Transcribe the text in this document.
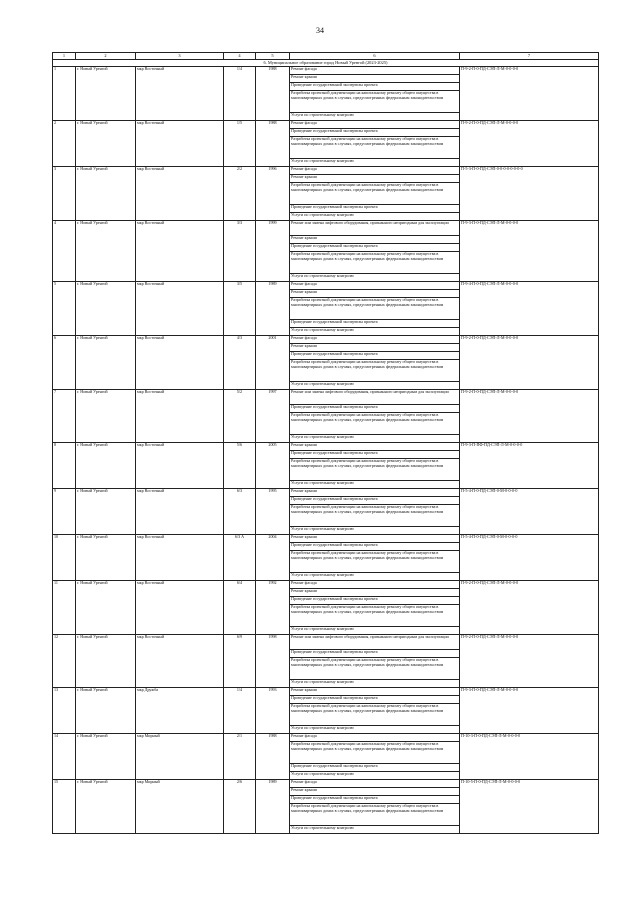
34
1	2	3	4	5	6	7
6. Муниципальное образование город Новый Уренгой (2023-2025)						
1	г. Новый Уренгой	мкр Восточный	1/4	1988	Ремонт фасада	Π-9-2-Π-0-ПД-СЭП-Л-М-0-0-0-0
					Ремонт крыши	
					Проведение государственной экспертизы проекта	
					Разработка проектной документации на капитальному ремонту общего имущества в многоквартирных домах в случаях, предусмотренных федеральным законодательством	
					Услуги по строительному контролю	
2	г. Новый Уренгой	мкр Восточный	1/5	1988	Ремонт фасада	Π-9-2-Π-0-ПД-СЭП-Л-М-0-0-0-0
					Проведение государственной экспертизы проекта	
					Разработка проектной документации на капитальному ремонту общего имущества в многоквартирных домах в случаях, предусмотренных федеральным законодательством	
					Услуги по строительному контролю	
3	г. Новый Уренгой	мкр Восточный	2/2	1996	Ремонт фасада	Π-5-3-Π-0-ПД-СЭП-0-0-0-0-0-0-0-0
					Ремонт крыши	
					Разработка проектной документации на капитальному ремонту общего имущества в многоквартирных домах в случаях, предусмотренных федеральным законодательством	
					Проведение государственной экспертизы проекта	
					Услуги по строительному контролю	
4	г. Новый Уренгой	мкр Восточный	3/3	1999	Ремонт или замена лифтового оборудования, признанного непригодным для эксплуатации	Π-9-3-П-0-ПД-СЭП-Л-М-0-0-0-0
					Ремонт крыши	
					Проведение государственной экспертизы проекта	
					Разработка проектной документации на капитальному ремонту общего имущества в многоквартирных домах в случаях, предусмотренных федеральным законодательством	
					Услуги по строительному контролю	
5	г. Новый Уренгой	мкр Восточный	3/5	1989	Ремонт фасада	Π-9-4-Π-0-ПД-СЭП-Л-М-0-0-0-0
					Ремонт крыши	
					Разработка проектной документации на капитальному ремонту общего имущества в многоквартирных домах в случаях, предусмотренных федеральным законодательством	
					Проведение государственной экспертизы проекта	
					Услуги по строительному контролю	
6	г. Новый Уренгой	мкр Восточный	4/3	2001	Ремонт фасада	Π-9-2-Π-0-ПД-СЭП-Л-М-0-0-0-0
					Ремонт крыши	
					Проведение государственной экспертизы проекта	
					Разработка проектной документации на капитальному ремонту общего имущества в многоквартирных домах в случаях, предусмотренных федеральным законодательством	
					Услуги по строительному контролю	
7	г. Новый Уренгой	мкр Восточный	5/2	1997	Ремонт или замена лифтового оборудования, признанного непригодным для эксплуатации	Π-9-2-Π-0-ПД-СЭП-Л-М-0-0-0-0
					Проведение государственной экспертизы проекта	
					Разработка проектной документации на капитальному ремонту общего имущества в многоквартирных домах в случаях, предусмотренных федеральным законодательством	
					Услуги по строительному контролю	
8	г. Новый Уренгой	мкр Восточный	5/6	2005	Ремонт крыши	Π-9-3-Π-ПФ-ПД-СЭП-Л-М-0-0-0-0
					Проведение государственной экспертизы проекта	
					Разработка проектной документации на капитальному ремонту общего имущества в многоквартирных домах в случаях, предусмотренных федеральным законодательством	
					Услуги по строительному контролю	
9	г. Новый Уренгой	мкр Восточный	6/3	1995	Ремонт крыши	Π-5-4-Π-0-ПД-СЭП-0-М-0-0-0-0
					Проведение государственной экспертизы проекта	
					Разработка проектной документации на капитальному ремонту общего имущества в многоквартирных домах в случаях, предусмотренных федеральным законодательством	
					Услуги по строительному контролю	
10	г. Новый Уренгой	мкр Восточный	6/3 А	2004	Ремонт крыши	Π-5-4-Π-0-ПД-СЭП-0-М-0-0-0-0
					Проведение государственной экспертизы проекта	
					Разработка проектной документации на капитальному ремонту общего имущества в многоквартирных домах в случаях, предусмотренных федеральным законодательством	
					Услуги по строительному контролю	
11	г. Новый Уренгой	мкр Восточный	6/4	1992	Ремонт фасада	Π-9-2-Π-0-ПД-СЭП-Л-М-0-0-0-0
					Ремонт крыши	
					Проведение государственной экспертизы проекта	
					Разработка проектной документации на капитальному ремонту общего имущества в многоквартирных домах в случаях, предусмотренных федеральным законодательством	
					Услуги по строительному контролю	
12	г. Новый Уренгой	мкр Восточный	6/9	1998	Ремонт или замена лифтового оборудования, признанного непригодным для эксплуатации	Π-9-2-Π-0-ПД-СЭП-Л-М-0-0-0-0
					Проведение государственной экспертизы проекта	
					Разработка проектной документации на капитальному ремонту общего имущества в многоквартирных домах в случаях, предусмотренных федеральным законодательством	
					Услуги по строительному контролю	
13	г. Новый Уренгой	мкр Дружба	1/4	1993	Ремонт крыши	Π-9-3-Π-0-ПД-СЭП-Л-М-0-0-0-0
					Проведение государственной экспертизы проекта	
					Разработка проектной документации на капитальному ремонту общего имущества в многоквартирных домах в случаях, предусмотренных федеральным законодательством	
					Услуги по строительному контролю	
14	г. Новый Уренгой	мкр Мирный	2/1	1988	Ремонт фасада	Π-10-3-Π-0-ПД-СЭП-Л-М-0-0-0-0
					Разработка проектной документации на капитальному ремонту общего имущества в многоквартирных домах в случаях, предусмотренных федеральным законодательством	
					Проведение государственной экспертизы проекта	
					Услуги по строительному контролю	
15	г. Новый Уренгой	мкр Мирный	2/6	1989	Ремонт фасада	Π-10-5-Π-0-ПД-СЭП-Л-М-0-0-0-0
					Ремонт крыши	
					Проведение государственной экспертизы проекта	
					Разработка проектной документации на капитальному ремонту общего имущества в многоквартирных домах в случаях, предусмотренных федеральным законодательством	
					Услуги по строительному контролю	
